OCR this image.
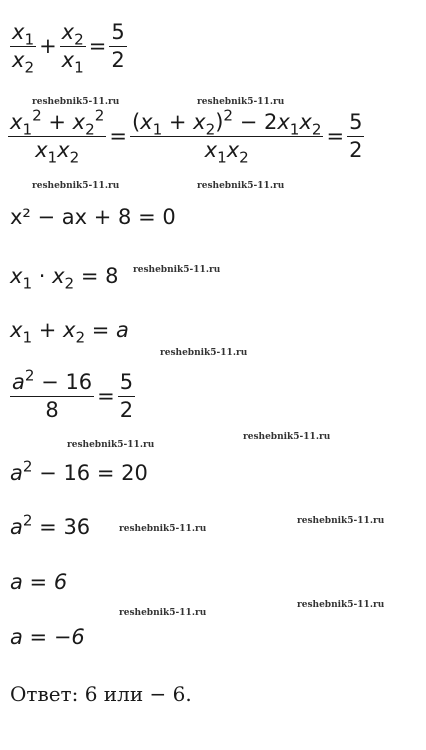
$\frac{x_1}{x_2} + \frac{x_2}{x_1} = \frac{5}{2}$
reshebnik5-11.ru	reshebnik5-11.ru
$\frac{x_1^2 + x_2^2}{x_1x_2} = \frac{(x_1 + x_2)^2 - 2x_1x_2}{x_1x_2} = \frac{5}{2}$
reshebnik5-11.ru	reshebnik5-11.ru
x² − ax + 8 = 0
$x_1 \cdot x_2 = 8$ reshebnik5-11.ru
$x_1 + x_2 = a$
reshebnik5-11.ru
$\frac{a^2 - 16}{8} = \frac{5}{2}$
reshebnik5-11.ru
reshebnik5-11.ru
$a^2 - 16 = 20$
$a^2 = 36$	reshebnik5-11.ru
reshebnik5-11.ru
a = 6
reshebnik5-11.ru
reshebnik5-11.ru
a = −6
Ответ: 6 или − 6.
